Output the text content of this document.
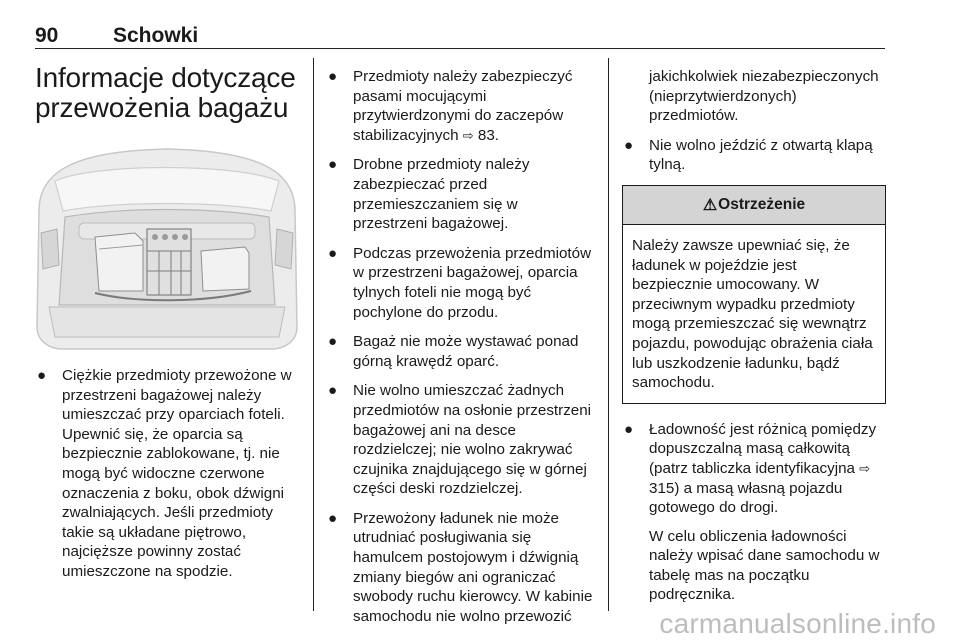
90	Schowki
Informacje dotyczące
przewożenia bagażu
● Ciężkie przedmioty przewożone w przestrzeni bagażowej należy umieszczać przy oparciach foteli. Upewnić się, że oparcia są bezpiecznie zablokowane, tj. nie mogą być widoczne czerwone oznaczenia z boku, obok dźwigni zwalniających. Jeśli przedmioty takie są układane piętrowo, najcięższe powinny zostać umieszczone na spodzie.
● Przedmioty należy zabezpieczyć pasami mocującymi przytwierdzonymi do zaczepów stabilizacyjnych ⇨ 83.
● Drobne przedmioty należy zabezpieczać przed przemieszczaniem się w przestrzeni bagażowej.
● Podczas przewożenia przedmiotów w przestrzeni bagażowej, oparcia tylnych foteli nie mogą być pochylone do przodu.
● Bagaż nie może wystawać ponad górną krawędź oparć.
● Nie wolno umieszczać żadnych przedmiotów na osłonie przestrzeni bagażowej ani na desce rozdzielczej; nie wolno zakrywać czujnika znajdującego się w górnej części deski rozdzielczej.
● Przewożony ładunek nie może utrudniać posługiwania się hamulcem postojowym i dźwignią zmiany biegów ani ograniczać swobody ruchu kierowcy. W kabinie samochodu nie wolno przewozić
jakichkolwiek niezabezpieczonych (nieprzytwierdzonych) przedmiotów.
● Nie wolno jeździć z otwartą klapą tylną.
⚠ Ostrzeżenie
Należy zawsze upewniać się, że ładunek w pojeździe jest bezpiecznie umocowany. W przeciwnym wypadku przedmioty mogą przemieszczać się wewnątrz pojazdu, powodując obrażenia ciała lub uszkodzenie ładunku, bądź samochodu.
● Ładowność jest różnicą pomiędzy dopuszczalną masą całkowitą (patrz tabliczka identyfikacyjna ⇨ 315) a masą własną pojazdu gotowego do drogi.
W celu obliczenia ładowności należy wpisać dane samochodu w tabelę mas na początku podręcznika.
carmanualsonline.info
